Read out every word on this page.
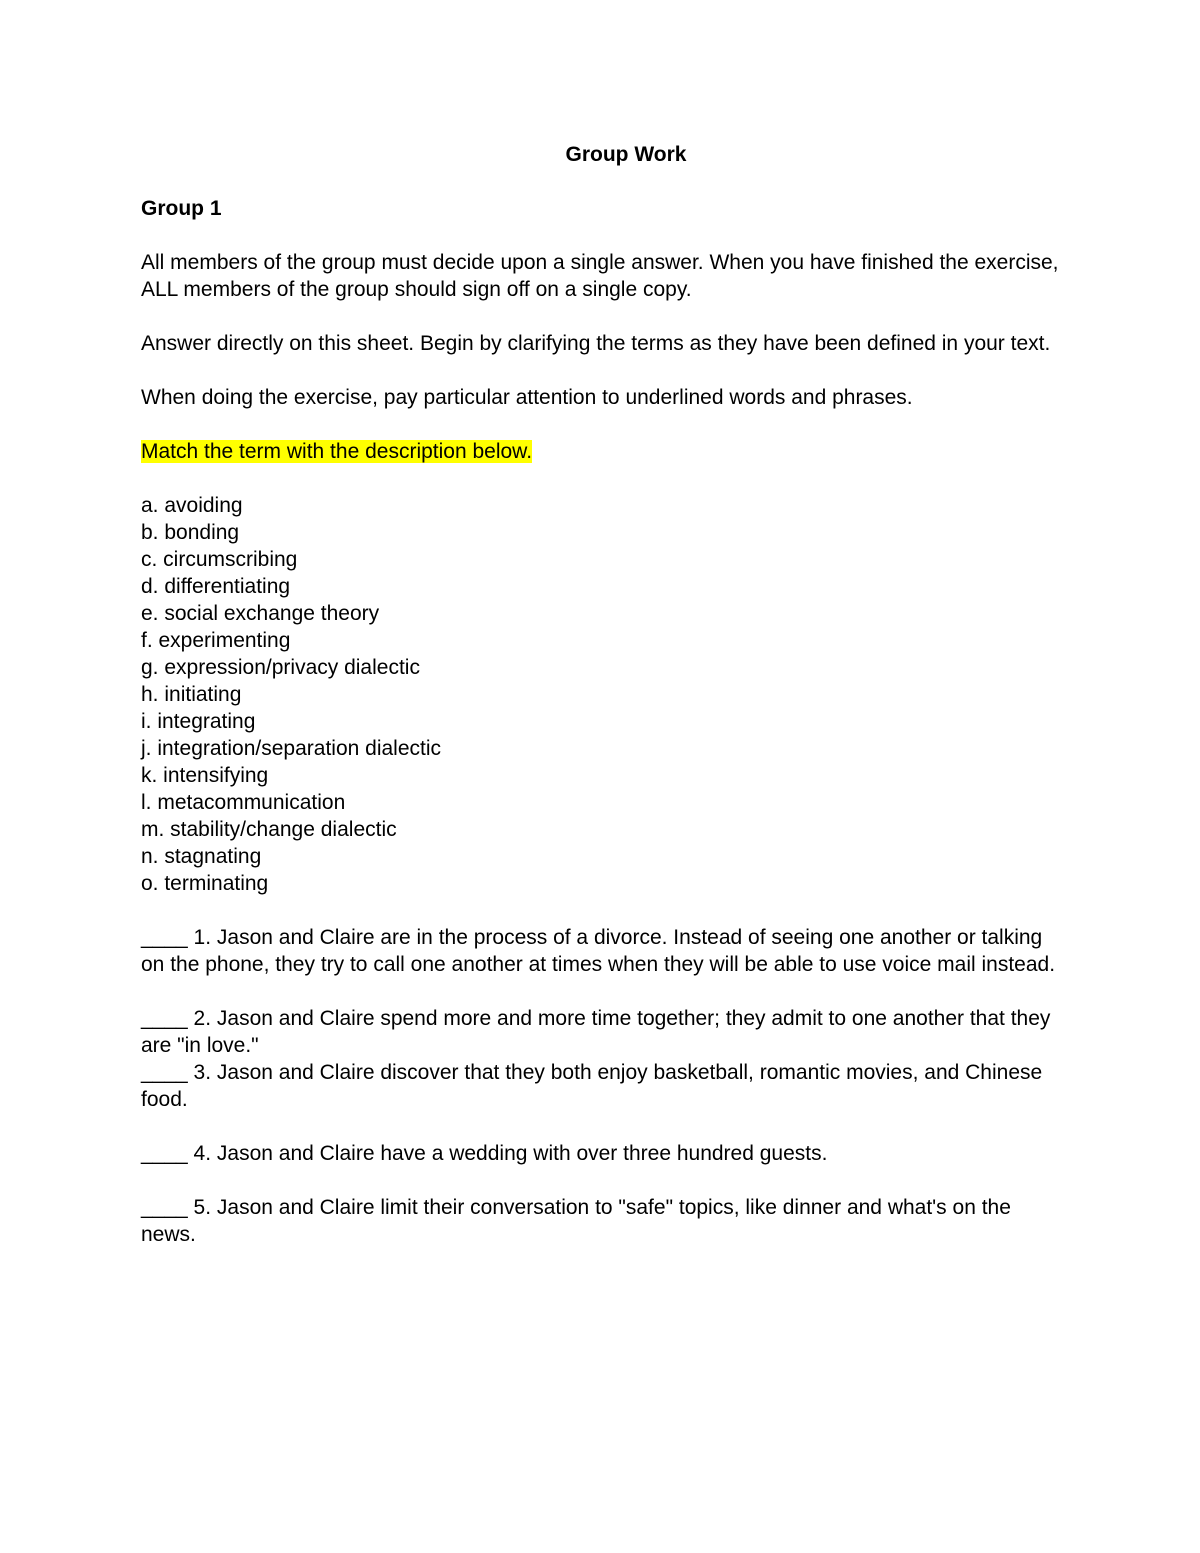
Group Work

Group 1

All members of the group must decide upon a single answer. When you have finished the exercise, ALL members of the group should sign off on a single copy.

Answer directly on this sheet. Begin by clarifying the terms as they have been defined in your text.

When doing the exercise, pay particular attention to underlined words and phrases.

Match the term with the description below.

a. avoiding
b. bonding
c. circumscribing
d. differentiating
e. social exchange theory
f. experimenting
g. expression/privacy dialectic
h. initiating
i. integrating
j. integration/separation dialectic
k. intensifying
l. metacommunication
m. stability/change dialectic
n. stagnating
o. terminating

____ 1. Jason and Claire are in the process of a divorce. Instead of seeing one another or talking on the phone, they try to call one another at times when they will be able to use voice mail instead.

____ 2. Jason and Claire spend more and more time together; they admit to one another that they are "in love."

____ 3. Jason and Claire discover that they both enjoy basketball, romantic movies, and Chinese food.

____ 4. Jason and Claire have a wedding with over three hundred guests.

____ 5. Jason and Claire limit their conversation to "safe" topics, like dinner and what's on the news.
